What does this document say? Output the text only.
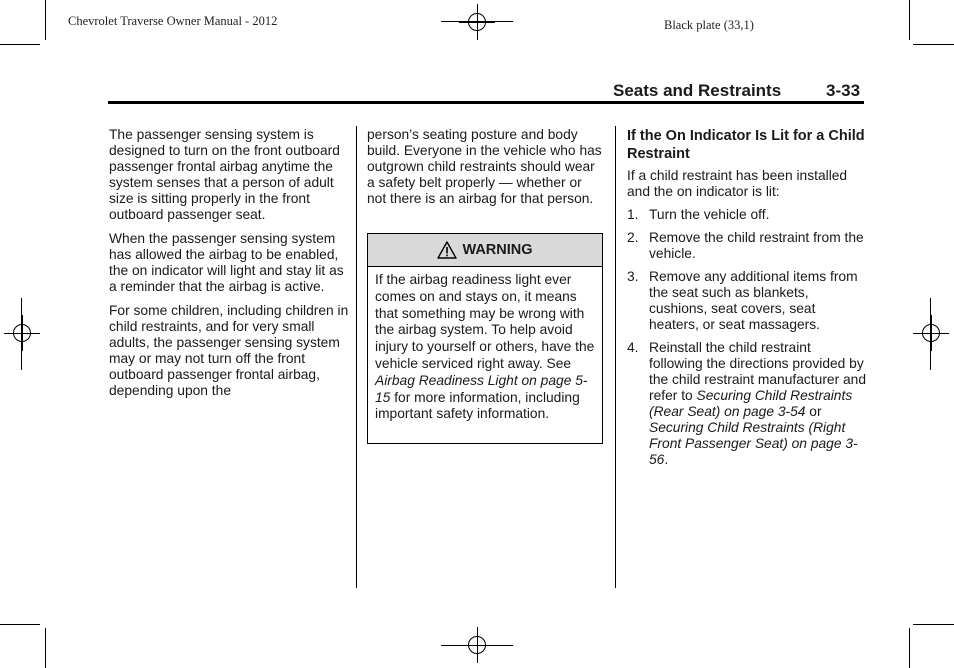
Chevrolet Traverse Owner Manual - 2012	Black plate (33,1)
Seats and Restraints	3-33

The passenger sensing system is designed to turn on the front outboard passenger frontal airbag anytime the system senses that a person of adult size is sitting properly in the front outboard passenger seat.

When the passenger sensing system has allowed the airbag to be enabled, the on indicator will light and stay lit as a reminder that the airbag is active.

For some children, including children in child restraints, and for very small adults, the passenger sensing system may or may not turn off the front outboard passenger frontal airbag, depending upon the

person’s seating posture and body build. Everyone in the vehicle who has outgrown child restraints should wear a safety belt properly — whether or not there is an airbag for that person.

WARNING
If the airbag readiness light ever comes on and stays on, it means that something may be wrong with the airbag system. To help avoid injury to yourself or others, have the vehicle serviced right away. See Airbag Readiness Light on page 5-15 for more information, including important safety information.
If the On Indicator Is Lit for a Child Restraint

If a child restraint has been installed and the on indicator is lit:

1. Turn the vehicle off.
2. Remove the child restraint from the vehicle.
3. Remove any additional items from the seat such as blankets, cushions, seat covers, seat heaters, or seat massagers.
4. Reinstall the child restraint following the directions provided by the child restraint manufacturer and refer to Securing Child Restraints (Rear Seat) on page 3-54 or Securing Child Restraints (Right Front Passenger Seat) on page 3-56.
